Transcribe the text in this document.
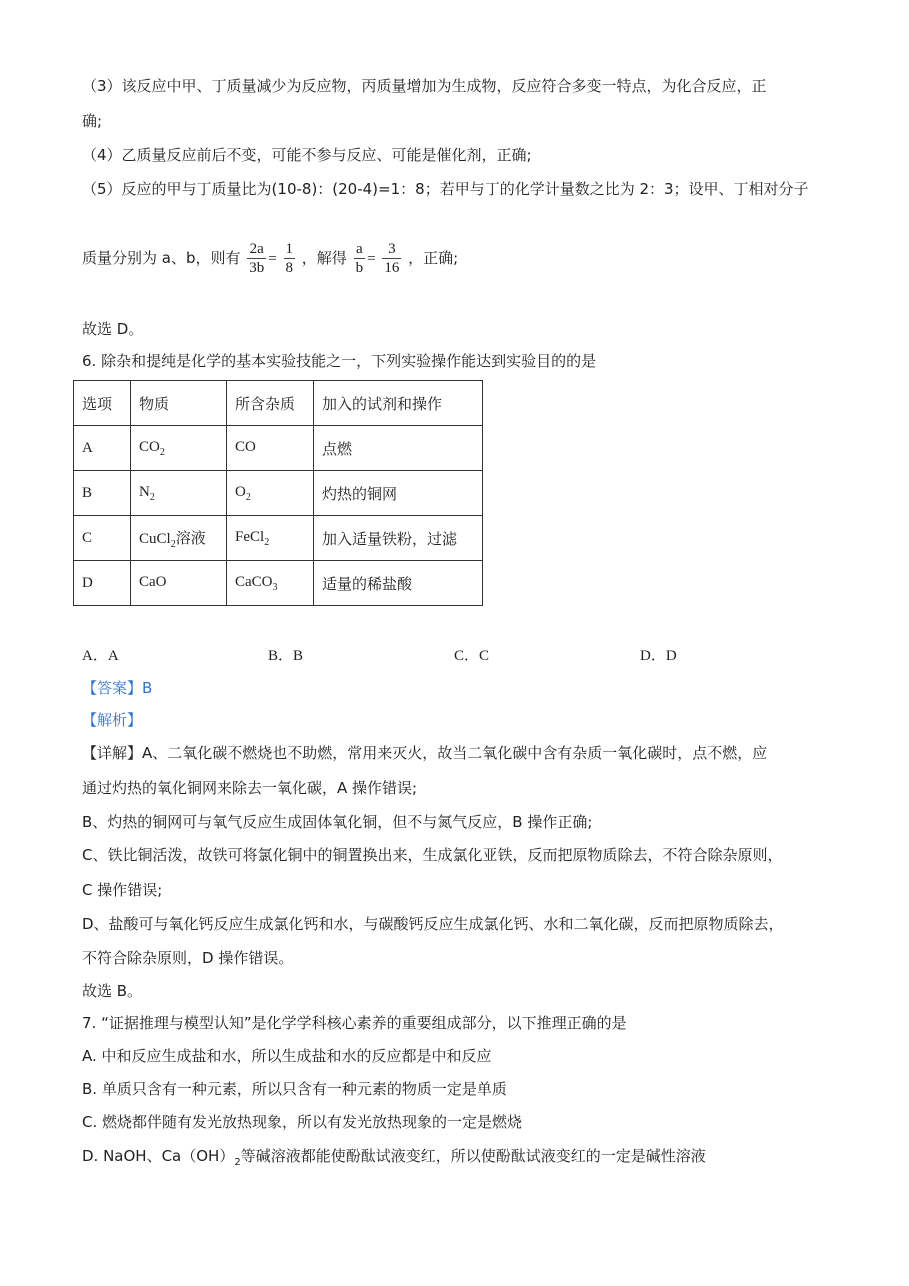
（3）该反应中甲、丁质量减少为反应物，丙质量增加为生成物，反应符合多变一特点，为化合反应，正
确;
（4）乙质量反应前后不变，可能不参与反应、可能是催化剂，正确;
（5）反应的甲与丁质量比为(10-8)：(20-4)=1：8；若甲与丁的化学计量数之比为 2：3；设甲、丁相对分子
质量分别为 a、b，则有 $\frac{2a}{3b} = \frac{1}{8}$ ，解得 $\frac{a}{b} = \frac{3}{16}$ ，正确;
故选 D。
6. 除杂和提纯是化学的基本实验技能之一，下列实验操作能达到实验目的的是
选项	物质	所含杂质	加入的试剂和操作
A	$CO_2$	CO	点燃
B	$N_2$	$O_2$	灼热的铜网
C	CuCl$_2$溶液	FeCl$_2$	加入适量铁粉，过滤
D	CaO	CaCO$_3$	适量的稀盐酸
A．A	B．B	C．C	D．D
【答案】B
【解析】
【详解】A、二氧化碳不燃烧也不助燃，常用来灭火，故当二氧化碳中含有杂质一氧化碳时，点不燃，应
通过灼热的氧化铜网来除去一氧化碳，A 操作错误;
B、灼热的铜网可与氧气反应生成固体氧化铜，但不与氮气反应，B 操作正确;
C、铁比铜活泼，故铁可将氯化铜中的铜置换出来，生成氯化亚铁，反而把原物质除去，不符合除杂原则，
C 操作错误;
D、盐酸可与氧化钙反应生成氯化钙和水，与碳酸钙反应生成氯化钙、水和二氧化碳，反而把原物质除去，
不符合除杂原则，D 操作错误。
故选 B。
7. “证据推理与模型认知”是化学学科核心素养的重要组成部分，以下推理正确的是
A. 中和反应生成盐和水，所以生成盐和水的反应都是中和反应
B. 单质只含有一种元素，所以只含有一种元素的物质一定是单质
C. 燃烧都伴随有发光放热现象，所以有发光放热现象的一定是燃烧
D. NaOH、$Ca(OH)_2$等碱溶液都能使酚酞试液变红，所以使酚酞试液变红的一定是碱性溶液
